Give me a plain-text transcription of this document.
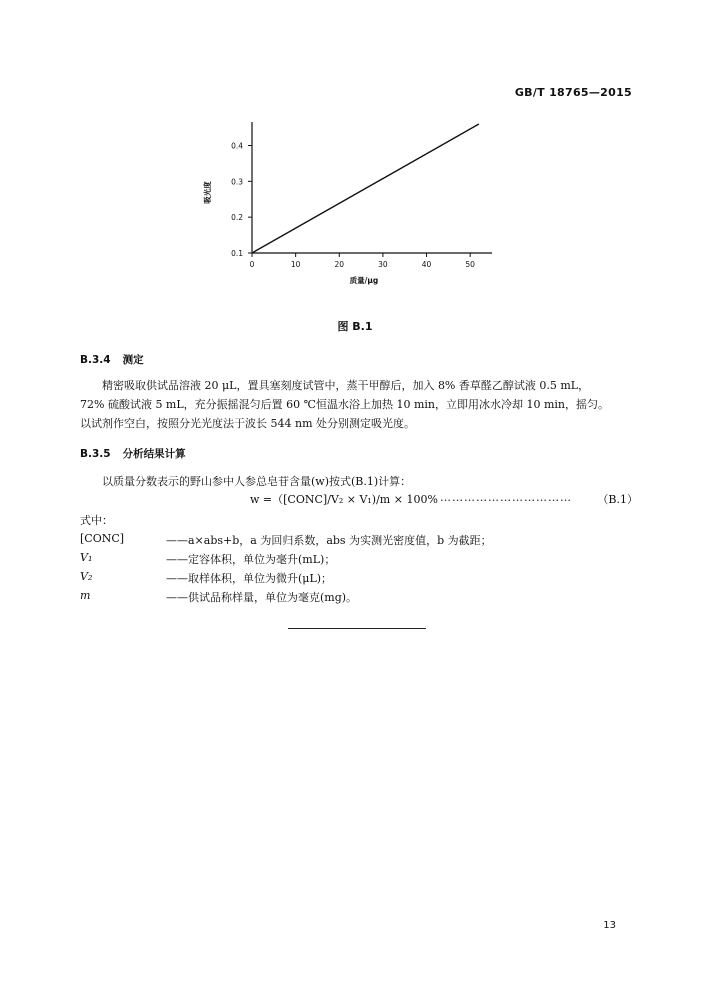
GB/T 18765—2015
0	10	20	30	40	50
0.1
0.2
0.3
0.4
质量/μg
吸光度
图 B.1
B.3.4 测定

精密吸取供试品溶液 20 μL，置具塞刻度试管中，蒸干甲醇后，加入 8% 香草醛乙醇试液 0.5 mL，

72% 硫酸试液 5 mL，充分振摇混匀后置 60 ℃恒温水浴上加热 10 min，立即用冰水冷却 10 min，摇匀。

以试剂作空白，按照分光光度法于波长 544 nm 处分别测定吸光度。

B.3.5 分析结果计算

以质量分数表示的野山参中人参总皂苷含量(w)按式(B.1)计算：

w =（[CONC]/V₂ × V₁)/m × 100% …………………………… （B.1）
式中：
[CONC]	——a×abs+b，a 为回归系数，abs 为实测光密度值，b 为截距；
V₁	——定容体积，单位为毫升(mL)；
V₂	——取样体积，单位为微升(μL)；
m	——供试品称样量，单位为毫克(mg)。
13
